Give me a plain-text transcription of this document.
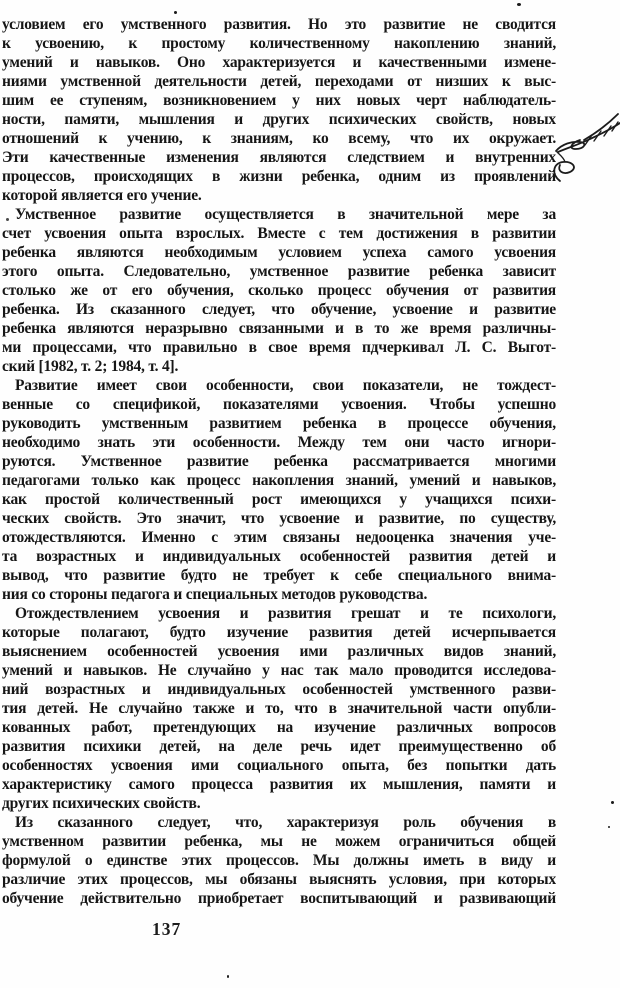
условием его умственного развития. Но это развитие не сводится
к усвоению, к простому количественному накоплению знаний,
умений и навыков. Оно характеризуется и качественными измене-
ниями умственной деятельности детей, переходами от низших к выс-
шим ее ступеням, возникновением у них новых черт наблюдатель-
ности, памяти, мышления и других психических свойств, новых
отношений к учению, к знаниям, ко всему, что их окружает.
Эти качественные изменения являются следствием и внутренних
процессов, происходящих в жизни ребенка, одним из проявлений
которой является его учение.
Умственное развитие осуществляется в значительной мере за
счет усвоения опыта взрослых. Вместе с тем достижения в развитии
ребенка являются необходимым условием успеха самого усвоения
этого опыта. Следовательно, умственное развитие ребенка зависит
столько же от его обучения, сколько процесс обучения от развития
ребенка. Из сказанного следует, что обучение, усвоение и развитие
ребенка являются неразрывно связанными и в то же время различны-
ми процессами, что правильно в свое время пдчеркивал Л. С. Выгот-
ский [1982, т. 2; 1984, т. 4].
Развитие имеет свои особенности, свои показатели, не тождест-
венные со спецификой, показателями усвоения. Чтобы успешно
руководить умственным развитием ребенка в процессе обучения,
необходимо знать эти особенности. Между тем они часто игнори-
руются. Умственное развитие ребенка рассматривается многими
педагогами только как процесс накопления знаний, умений и навыков,
как простой количественный рост имеющихся у учащихся психи-
ческих свойств. Это значит, что усвоение и развитие, по существу,
отождествляются. Именно с этим связаны недооценка значения уче-
та возрастных и индивидуальных особенностей развития детей и
вывод, что развитие будто не требует к себе специального внима-
ния со стороны педагога и специальных методов руководства.
Отождествлением усвоения и развития грешат и те психологи,
которые полагают, будто изучение развития детей исчерпывается
выяснением особенностей усвоения ими различных видов знаний,
умений и навыков. Не случайно у нас так мало проводится исследова-
ний возрастных и индивидуальных особенностей умственного разви-
тия детей. Не случайно также и то, что в значительной части опубли-
кованных работ, претендующих на изучение различных вопросов
развития психики детей, на деле речь идет преимущественно об
особенностях усвоения ими социального опыта, без попытки дать
характеристику самого процесса развития их мышления, памяти и
других психических свойств.
Из сказанного следует, что, характеризуя роль обучения в
умственном развитии ребенка, мы не можем ограничиться общей
формулой о единстве этих процессов. Мы должны иметь в виду и
различие этих процессов, мы обязаны выяснять условия, при которых
обучение действительно приобретает воспитывающий и развивающий
137
